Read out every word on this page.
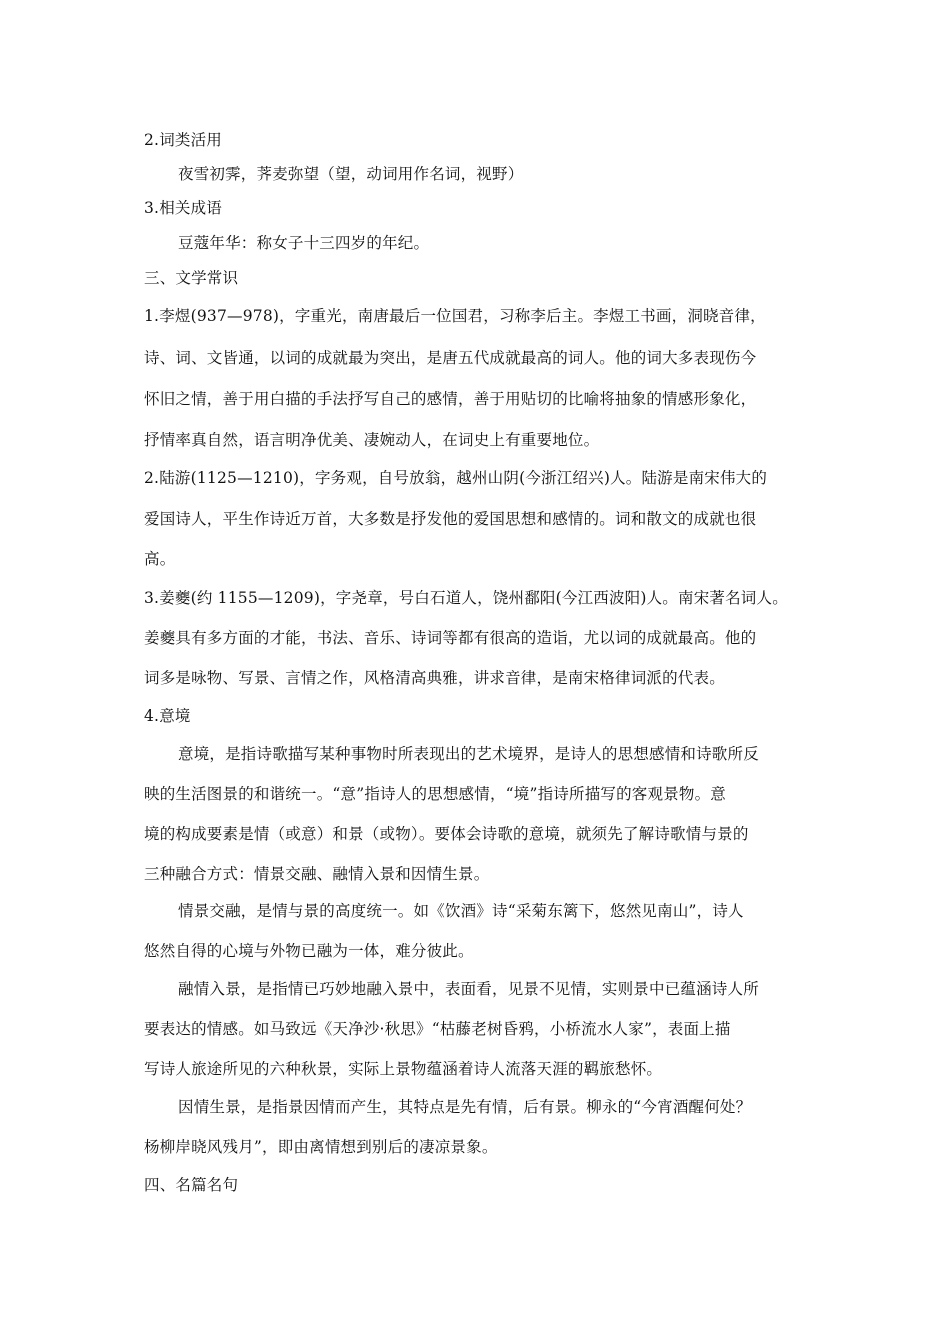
2.词类活用
夜雪初霁，荠麦弥望（望，动词用作名词，视野）
3.相关成语
豆蔻年华：称女子十三四岁的年纪。
三、文学常识
1.李煜(937—978)，字重光，南唐最后一位国君，习称李后主。李煜工书画，洞晓音律，
诗、词、文皆通，以词的成就最为突出，是唐五代成就最高的词人。他的词大多表现伤今
怀旧之情，善于用白描的手法抒写自己的感情，善于用贴切的比喻将抽象的情感形象化，
抒情率真自然，语言明净优美、凄婉动人，在词史上有重要地位。
2.陆游(1125—1210)，字务观，自号放翁，越州山阴(今浙江绍兴)人。陆游是南宋伟大的
爱国诗人，平生作诗近万首，大多数是抒发他的爱国思想和感情的。词和散文的成就也很
高。
3.姜夔(约 1155—1209)，字尧章，号白石道人，饶州鄱阳(今江西波阳)人。南宋著名词人。
姜夔具有多方面的才能，书法、音乐、诗词等都有很高的造诣，尤以词的成就最高。他的
词多是咏物、写景、言情之作，风格清高典雅，讲求音律，是南宋格律词派的代表。
4.意境
意境，是指诗歌描写某种事物时所表现出的艺术境界，是诗人的思想感情和诗歌所反
映的生活图景的和谐统一。“意”指诗人的思想感情，“境”指诗所描写的客观景物。意
境的构成要素是情（或意）和景（或物）。要体会诗歌的意境，就须先了解诗歌情与景的
三种融合方式：情景交融、融情入景和因情生景。
情景交融，是情与景的高度统一。如《饮酒》诗“采菊东篱下，悠然见南山”，诗人
悠然自得的心境与外物已融为一体，难分彼此。
融情入景，是指情已巧妙地融入景中，表面看，见景不见情，实则景中已蕴涵诗人所
要表达的情感。如马致远《天净沙·秋思》“枯藤老树昏鸦，小桥流水人家”，表面上描
写诗人旅途所见的六种秋景，实际上景物蕴涵着诗人流落天涯的羁旅愁怀。
因情生景，是指景因情而产生，其特点是先有情，后有景。柳永的“今宵酒醒何处？
杨柳岸晓风残月”，即由离情想到别后的凄凉景象。
四、名篇名句
